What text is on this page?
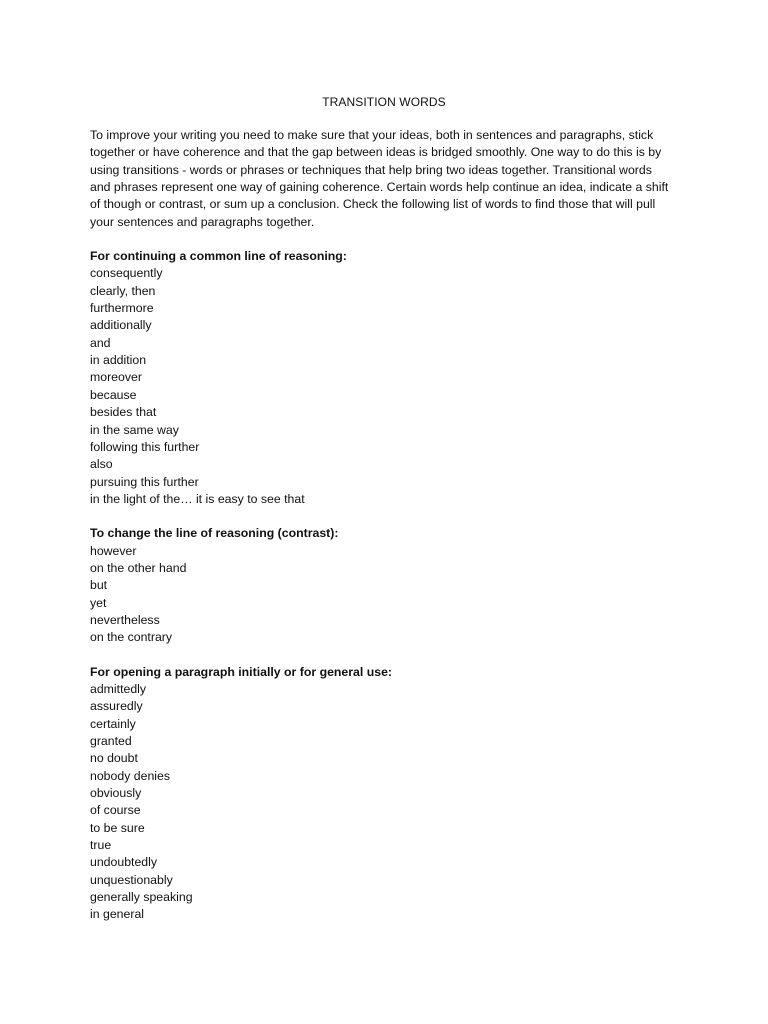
TRANSITION WORDS

To improve your writing you need to make sure that your ideas, both in sentences and paragraphs, stick together or have coherence and that the gap between ideas is bridged smoothly. One way to do this is by using transitions - words or phrases or techniques that help bring two ideas together. Transitional words and phrases represent one way of gaining coherence. Certain words help continue an idea, indicate a shift of though or contrast, or sum up a conclusion. Check the following list of words to find those that will pull your sentences and paragraphs together.

For continuing a common line of reasoning:
consequently
clearly, then
furthermore
additionally
and
in addition
moreover
because
besides that
in the same way
following this further
also
pursuing this further
in the light of the… it is easy to see that
To change the line of reasoning (contrast):
however
on the other hand
but
yet
nevertheless
on the contrary
For opening a paragraph initially or for general use:
admittedly
assuredly
certainly
granted
no doubt
nobody denies
obviously
of course
to be sure
true
undoubtedly
unquestionably
generally speaking
in general
